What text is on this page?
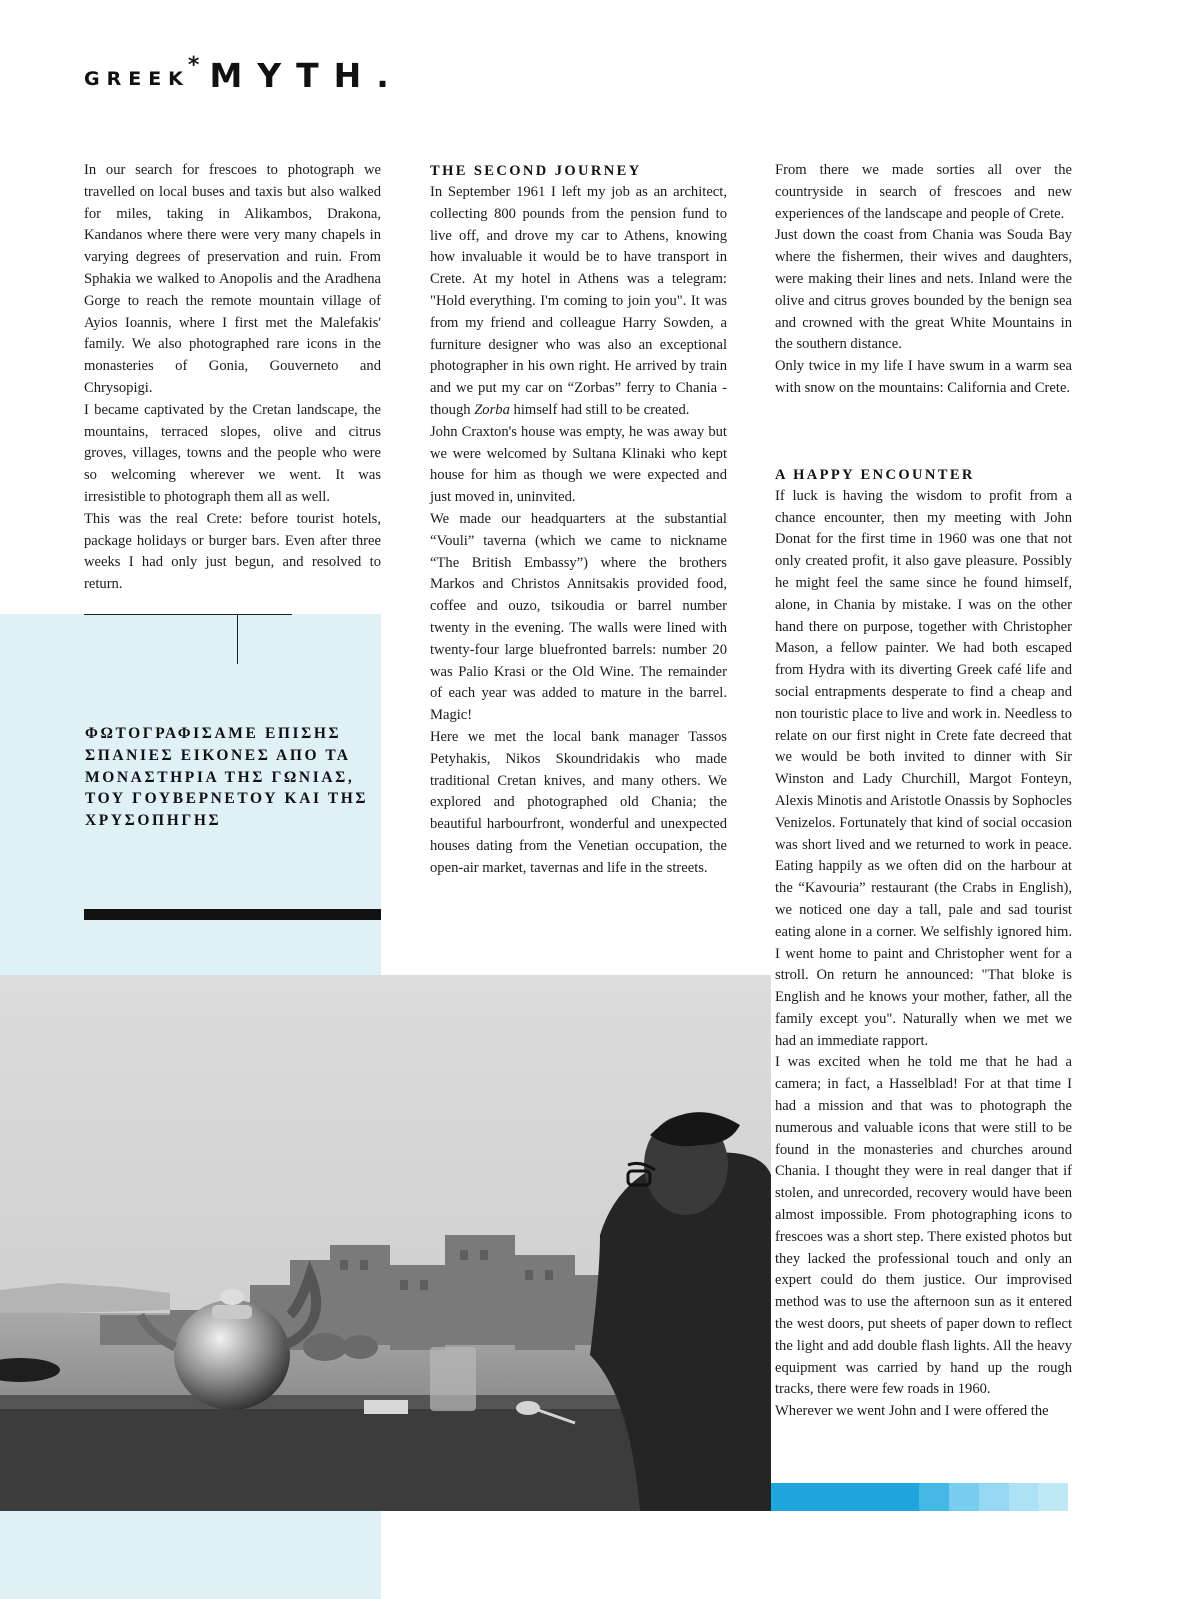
GREEK
* MYTH.

ΦΩΤΟΓΡΑΦΙΣΑΜΕ ΕΠΙΣΗΣ ΣΠΑΝΙΕΣ ΕΙΚΟΝΕΣ ΑΠΟ ΤΑ ΜΟΝΑΣΤΗΡΙΑ ΤΗΣ ΓΩΝΙΑΣ, ΤΟΥ ΓΟΥΒΕΡΝΕΤΟΥ ΚΑΙ ΤΗΣ ΧΡΥΣΟΠΗΓΗΣ

In our search for frescoes to photograph we travelled on local buses and taxis but also walked for miles, taking in Alikambos, Drakona, Kandanos where there were very many chapels in varying degrees of preservation and ruin. From Sphakia we walked to Anopolis and the Aradhena Gorge to reach the remote mountain village of Ayios Ioannis, where I first met the Malefakis' family. We also photographed rare icons in the monasteries of Gonia, Gouverneto and Chrysopigi.

I became captivated by the Cretan landscape, the mountains, terraced slopes, olive and citrus groves, villages, towns and the people who were so welcoming wherever we went. It was irresistible to photograph them all as well.

This was the real Crete: before tourist hotels, package holidays or burger bars. Even after three weeks I had only just begun, and resolved to return.

THE SECOND JOURNEY

In September 1961 I left my job as an architect, collecting 800 pounds from the pension fund to live off, and drove my car to Athens, knowing how invaluable it would be to have transport in Crete. At my hotel in Athens was a telegram: "Hold everything. I'm coming to join you". It was from my friend and colleague Harry Sowden, a furniture designer who was also an exceptional photographer in his own right. He arrived by train and we put my car on “Zorbas” ferry to Chania - though Zorba himself had still to be created.

John Craxton's house was empty, he was away but we were welcomed by Sultana Klinaki who kept house for him as though we were expected and just moved in, uninvited.

We made our headquarters at the substantial “Vouli” taverna (which we came to nickname “The British Embassy”) where the brothers Markos and Christos Annitsakis provided food, coffee and ouzo, tsikoudia or barrel number twenty in the evening. The walls were lined with twenty-four large bluefronted barrels: number 20 was Palio Krasi or the Old Wine. The remainder of each year was added to mature in the barrel. Magic!

Here we met the local bank manager Tassos Petyhakis, Nikos Skoundridakis who made traditional Cretan knives, and many others. We explored and photographed old Chania; the beautiful harbourfront, wonderful and unexpected houses dating from the Venetian occupation, the open-air market, tavernas and life in the streets.

From there we made sorties all over the countryside in search of frescoes and new experiences of the landscape and people of Crete.

Just down the coast from Chania was Souda Bay where the fishermen, their wives and daughters, were making their lines and nets. Inland were the olive and citrus groves bounded by the benign sea and crowned with the great White Mountains in the southern distance.

Only twice in my life I have swum in a warm sea with snow on the mountains: California and Crete.

A HAPPY ENCOUNTER

If luck is having the wisdom to profit from a chance encounter, then my meeting with John Donat for the first time in 1960 was one that not only created profit, it also gave pleasure. Possibly he might feel the same since he found himself, alone, in Chania by mistake. I was on the other hand there on purpose, together with Christopher Mason, a fellow painter. We had both escaped from Hydra with its diverting Greek café life and social entrapments desperate to find a cheap and non touristic place to live and work in. Needless to relate on our first night in Crete fate decreed that we would be both invited to dinner with Sir Winston and Lady Churchill, Margot Fonteyn, Alexis Minotis and Aristotle Onassis by Sophocles Venizelos. Fortunately that kind of social occasion was short lived and we returned to work in peace. Eating happily as we often did on the harbour at the “Kavouria” restaurant (the Crabs in English), we noticed one day a tall, pale and sad tourist eating alone in a corner. We selfishly ignored him. I went home to paint and Christopher went for a stroll. On return he announced: "That bloke is English and he knows your mother, father, all the family except you". Naturally when we met we had an immediate rapport.

I was excited when he told me that he had a camera; in fact, a Hasselblad! For at that time I had a mission and that was to photograph the numerous and valuable icons that were still to be found in the monasteries and churches around Chania. I thought they were in real danger that if stolen, and unrecorded, recovery would have been almost impossible. From photographing icons to frescoes was a short step. There existed photos but they lacked the professional touch and only an expert could do them justice. Our improvised method was to use the afternoon sun as it entered the west doors, put sheets of paper down to reflect the light and add double flash lights. All the heavy equipment was carried by hand up the rough tracks, there were few roads in 1960.

Wherever we went John and I were offered the
